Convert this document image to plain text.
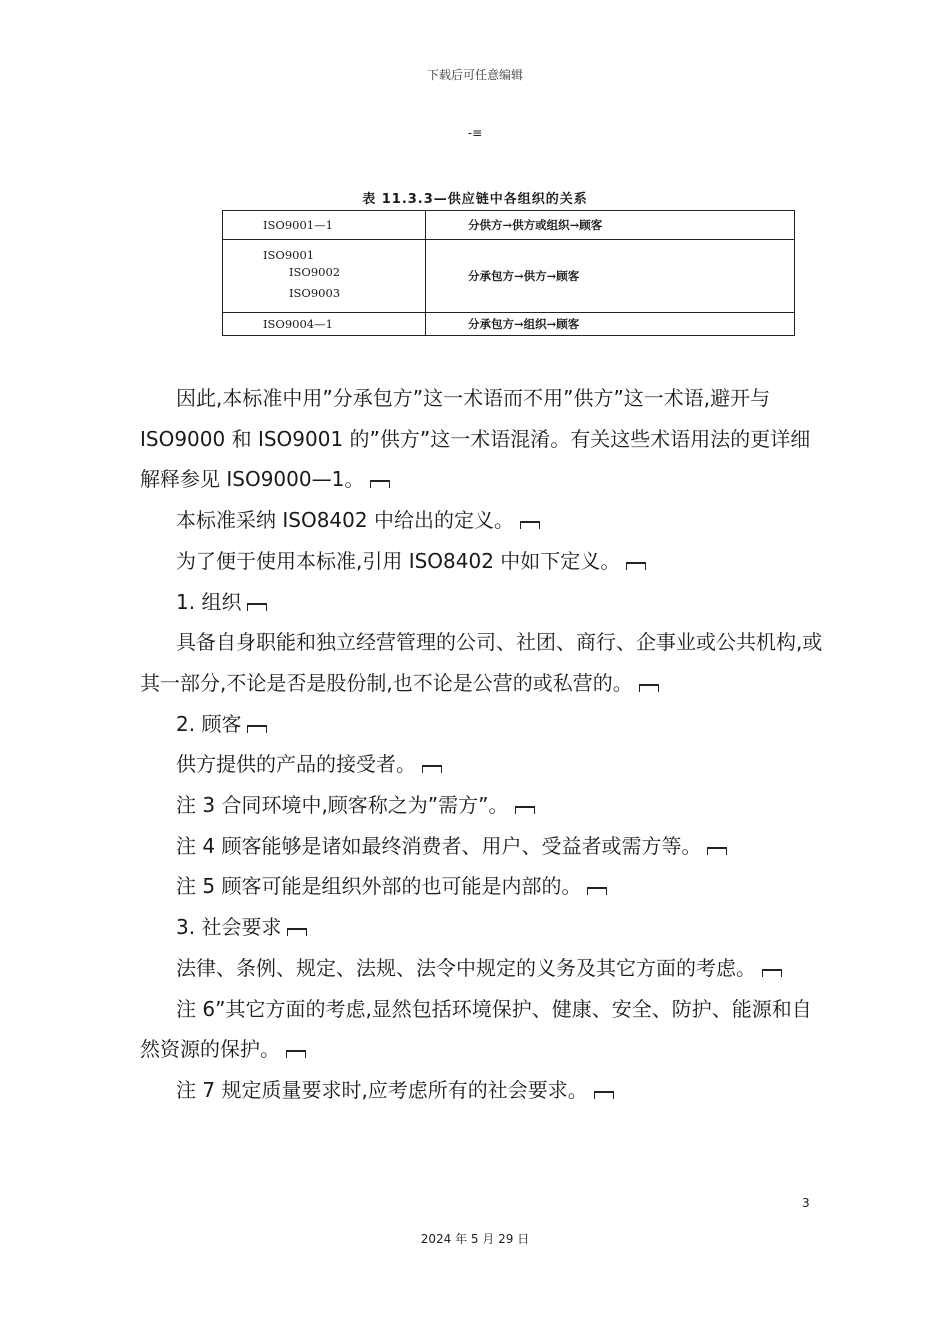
下载后可任意编辑
-≡
表 11.3.3—供应链中各组织的关系
ISO9001—1	分供方→供方或组织→顾客

ISO9001
ISO9002
ISO9003	分承包方→供方→顾客

ISO9004—1	分承包方→组织→顾客

因此,本标准中用”分承包方”这一术语而不用”供方”这一术语,避开与 ISO9000 和 ISO9001 的”供方”这一术语混淆。有关这些术语用法的更详细解释参见 ISO9000—1。

本标准采纳 ISO8402 中给出的定义。

为了便于使用本标准,引用 ISO8402 中如下定义。

1. 组织

具备自身职能和独立经营管理的公司、社团、商行、企事业或公共机构,或其一部分,不论是否是股份制,也不论是公营的或私营的。

2. 顾客

供方提供的产品的接受者。

注 3 合同环境中,顾客称之为”需方”。

注 4 顾客能够是诸如最终消费者、用户、受益者或需方等。

注 5 顾客可能是组织外部的也可能是内部的。

3. 社会要求

法律、条例、规定、法规、法令中规定的义务及其它方面的考虑。

注 6”其它方面的考虑,显然包括环境保护、健康、安全、防护、能源和自然资源的保护。

注 7 规定质量要求时,应考虑所有的社会要求。

3
2024 年 5 月 29 日
